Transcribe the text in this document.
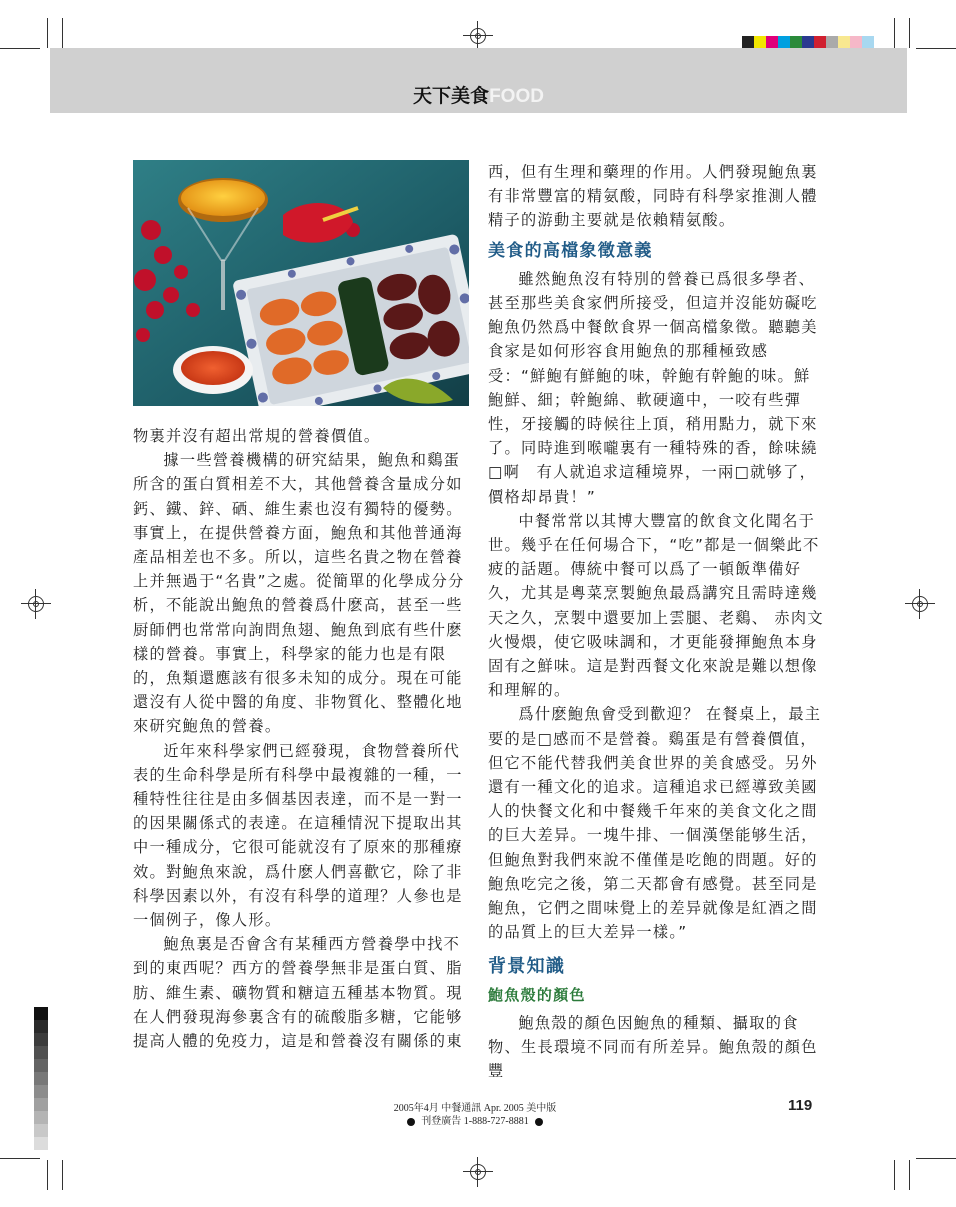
天下美食FOOD

物裏并沒有超出常規的營養價值。

據一些營養機構的研究結果，鮑魚和鷄蛋所含的蛋白質相差不大，其他營養含量成分如鈣、鐵、鋅、硒、維生素也沒有獨特的優勢。事實上，在提供營養方面，鮑魚和其他普通海產品相差也不多。所以，這些名貴之物在營養上并無過于“名貴”之處。從簡單的化學成分分析，不能說出鮑魚的營養爲什麽高，甚至一些厨師們也常常向詢問魚翅、鮑魚到底有些什麽樣的營養。事實上，科學家的能力也是有限的，魚類還應該有很多未知的成分。現在可能還沒有人從中醫的角度、非物質化、整體化地來研究鮑魚的營養。

近年來科學家們已經發現，食物營養所代表的生命科學是所有科學中最複雜的一種，一種特性往往是由多個基因表達，而不是一對一的因果關係式的表達。在這種情況下提取出其中一種成分，它很可能就沒有了原來的那種療效。對鮑魚來說，爲什麽人們喜歡它，除了非科學因素以外，有沒有科學的道理？人參也是一個例子，像人形。

鮑魚裏是否會含有某種西方營養學中找不到的東西呢？西方的營養學無非是蛋白質、脂肪、維生素、礦物質和糖這五種基本物質。現在人們發現海參裏含有的硫酸脂多糖，它能够提高人體的免疫力，這是和營養沒有關係的東

西，但有生理和藥理的作用。人們發現鮑魚裏有非常豐富的精氨酸，同時有科學家推測人體精子的游動主要就是依賴精氨酸。

美食的高檔象徵意義

雖然鮑魚沒有特別的營養已爲很多學者、甚至那些美食家們所接受，但這并沒能妨礙吃鮑魚仍然爲中餐飲食界一個高檔象徵。聽聽美食家是如何形容食用鮑魚的那種極致感受：“鮮鮑有鮮鮑的味，幹鮑有幹鮑的味。鮮鮑鮮、細；幹鮑綿、軟硬適中，一咬有些彈性，牙接觸的時候往上頂，稍用點力，就下來了。同時進到喉嚨裏有一種特殊的香，餘味繞□啊　有人就追求這種境界，一兩□就够了，價格却昂貴！”

中餐常常以其博大豐富的飲食文化聞名于世。幾乎在任何場合下，“吃”都是一個樂此不疲的話題。傳統中餐可以爲了一頓飯準備好久，尤其是粵菜烹製鮑魚最爲講究且需時達幾天之久，烹製中還要加上雲腿、老鷄、 赤肉文火慢煨，使它吸味調和，才更能發揮鮑魚本身固有之鮮味。這是對西餐文化來說是難以想像和理解的。

爲什麽鮑魚會受到歡迎？ 在餐桌上，最主要的是□感而不是營養。鷄蛋是有營養價值，但它不能代替我們美食世界的美食感受。另外還有一種文化的追求。這種追求已經導致美國人的快餐文化和中餐幾千年來的美食文化之間的巨大差异。一塊牛排、一個漢堡能够生活，但鮑魚對我們來說不僅僅是吃飽的問題。好的鮑魚吃完之後，第二天都會有感覺。甚至同是鮑魚，它們之間味覺上的差异就像是紅酒之間的品質上的巨大差异一樣。”

背景知識
鮑魚殼的顏色

鮑魚殼的顏色因鮑魚的種類、攝取的食物、生長環境不同而有所差异。鮑魚殼的顏色豐

2005年4月 中餐通訊 Apr. 2005 美中版
刊登廣告 1-888-727-8881
119
